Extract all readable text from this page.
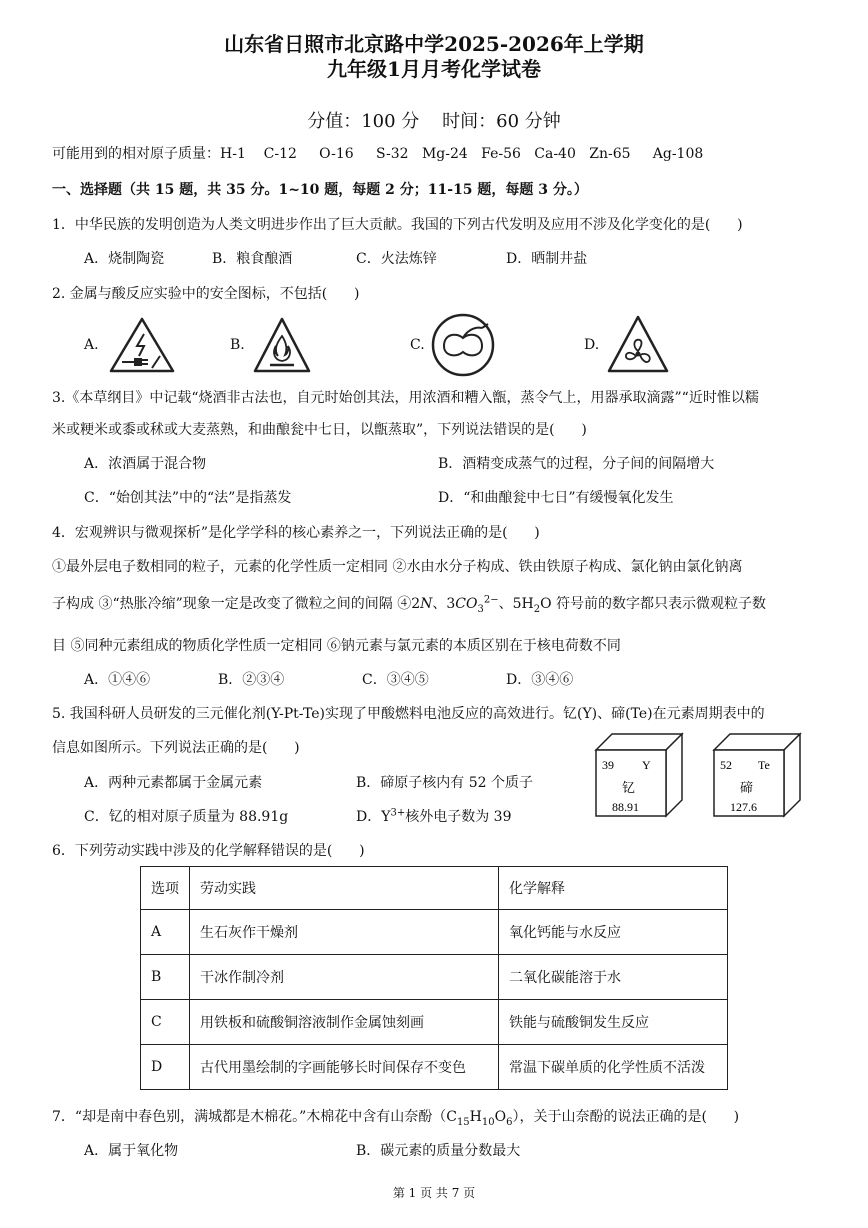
山东省日照市北京路中学2025-2026年上学期
九年级1月月考化学试卷
分值：100 分    时间：60 分钟
可能用到的相对原子质量：H-1    C-12     O-16     S-32   Mg-24   Fe-56   Ca-40   Zn-65     Ag-108
一、选择题（共 15 题，共 35 分。1~10 题，每题 2 分；11-15 题，每题 3 分。）
1．中华民族的发明创造为人类文明进步作出了巨大贡献。我国的下列古代发明及应用不涉及化学变化的是(      )
A．烧制陶瓷	B．粮食酿酒	C．火法炼锌	D．晒制井盐
2. 金属与酸反应实验中的安全图标，不包括(      )
A.	B.	C.	D.
3.《本草纲目》中记载“烧酒非古法也，自元时始创其法，用浓酒和糟入甑，蒸令气上，用器承取滴露”“近时惟以糯
米或粳米或黍或秫或大麦蒸熟，和曲酿瓮中七日，以甑蒸取”，下列说法错误的是(      )
A．浓酒属于混合物	B．酒精变成蒸气的过程，分子间的间隔增大
C．“始创其法”中的“法”是指蒸发	D．“和曲酿瓮中七日”有缓慢氧化发生
4．宏观辨识与微观探析”是化学学科的核心素养之一，下列说法正确的是(      )
①最外层电子数相同的粒子，元素的化学性质一定相同 ②水由水分子构成、铁由铁原子构成、氯化钠由氯化钠离
子构成 ③“热胀冷缩”现象一定是改变了微粒之间的间隔 ④2N、$3CO_3^{2-}$、$5H_2O$ 符号前的数字都只表示微观粒子数
目 ⑤同种元素组成的物质化学性质一定相同 ⑥钠元素与氯元素的本质区别在于核电荷数不同
A．①④⑥	B．②③④	C．③④⑤	D．③④⑥
5. 我国科研人员研发的三元催化剂(Y-Pt-Te)实现了甲酸燃料电池反应的高效进行。钇(Y)、碲(Te)在元素周期表中的
信息如图所示。下列说法正确的是(      )
A．两种元素都属于金属元素	B．碲原子核内有 52 个质子
C．钇的相对原子质量为 88.91g	D．$Y^{3+}$核外电子数为 39
39 Y
钇
88.91
52 Te
碲
127.6
6．下列劳动实践中涉及的化学解释错误的是(      )
选项	劳动实践	化学解释
A	生石灰作干燥剂	氧化钙能与水反应
B	干冰作制冷剂	二氧化碳能溶于水
C	用铁板和硫酸铜溶液制作金属蚀刻画	铁能与硫酸铜发生反应
D	古代用墨绘制的字画能够长时间保存不变色	常温下碳单质的化学性质不活泼
7．“却是南中春色别，满城都是木棉花。”木棉花中含有山奈酚$(C_{15}H_{10}O_6)$，关于山奈酚的说法正确的是(      )
A．属于氧化物	B．碳元素的质量分数最大
第 1 页 共 7 页
